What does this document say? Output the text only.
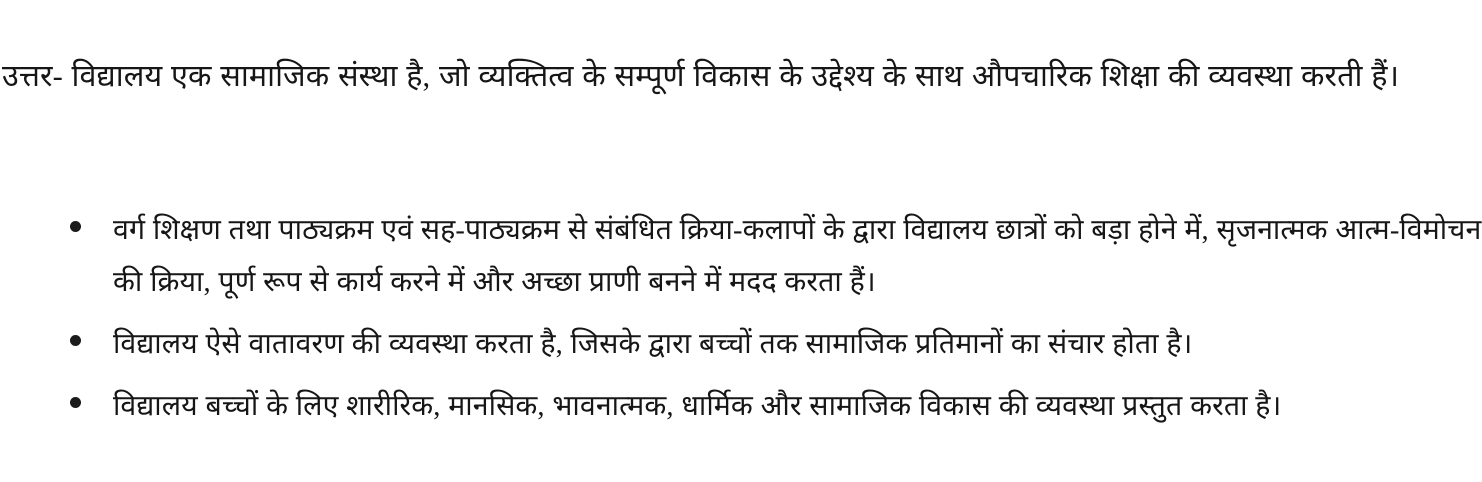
उत्तर- विद्यालय एक सामाजिक संस्था है, जो व्यक्तित्व के सम्पूर्ण विकास के उद्देश्य के साथ औपचारिक शिक्षा की व्यवस्था करती हैं।

वर्ग शिक्षण तथा पाठ्यक्रम एवं सह-पाठ्यक्रम से संबंधित क्रिया-कलापों के द्वारा विद्यालय छात्रों को बड़ा होने में, सृजनात्मक आत्म-विमोचन की क्रिया, पूर्ण रूप से कार्य करने में और अच्छा प्राणी बनने में मदद करता हैं।
विद्यालय ऐसे वातावरण की व्यवस्था करता है, जिसके द्वारा बच्चों तक सामाजिक प्रतिमानों का संचार होता है।
विद्यालय बच्चों के लिए शारीरिक, मानसिक, भावनात्मक, धार्मिक और सामाजिक विकास की व्यवस्था प्रस्तुत करता है।
